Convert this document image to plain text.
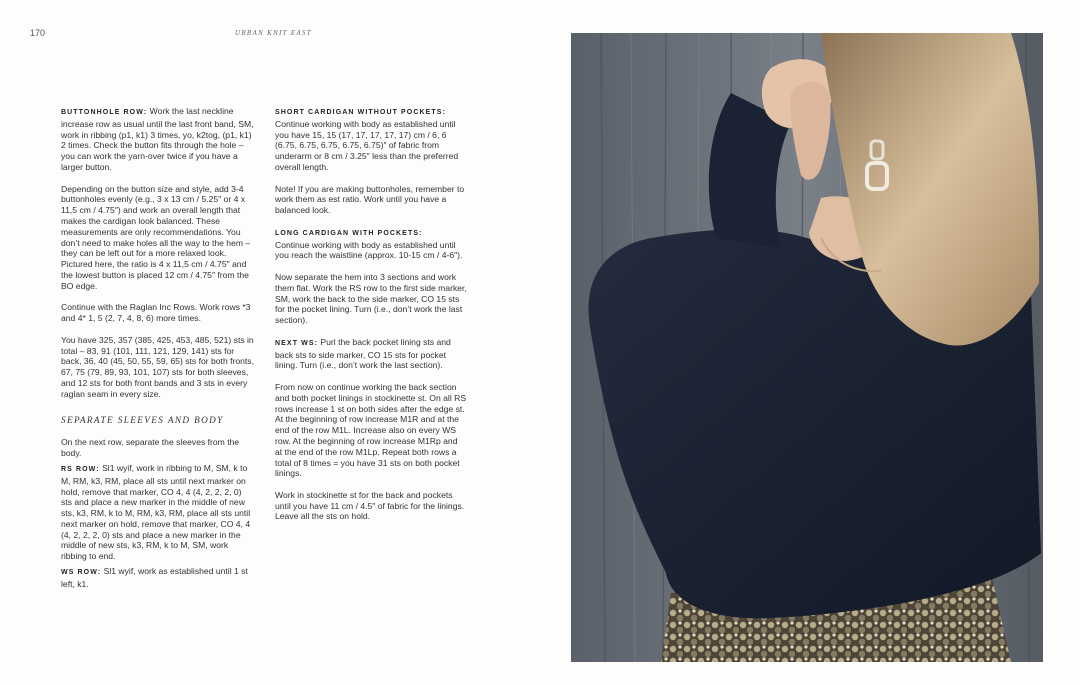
170	URBAN KNIT EAST

BUTTONHOLE ROW: Work the last neckline increase row as usual until the last front band, SM, work in ribbing (p1, k1) 3 times, yo, k2tog, (p1, k1) 2 times. Check the button fits through the hole – you can work the yarn-over twice if you have a larger button.

Depending on the button size and style, add 3-4 buttonholes evenly (e.g., 3 x 13 cm / 5.25″ or 4 x 11,5 cm / 4.75″) and work an overall length that makes the cardigan look balanced. These measurements are only recommendations. You don’t need to make holes all the way to the hem – they can be left out for a more relaxed look. Pictured here, the ratio is 4 x 11,5 cm / 4.75″ and the lowest button is placed 12 cm / 4.75″ from the BO edge.

Continue with the Raglan Inc Rows. Work rows *3 and 4* 1, 5 (2, 7, 4, 8, 6) more times.

You have 325, 357 (385, 425, 453, 485, 521) sts in total – 83, 91 (101, 111, 121, 129, 141) sts for back, 36, 40 (45, 50, 55, 59, 65) sts for both fronts, 67, 75 (79, 89, 93, 101, 107) sts for both sleeves, and 12 sts for both front bands and 3 sts in every raglan seam in every size.

SEPARATE SLEEVES AND BODY

On the next row, separate the sleeves from the body.

RS ROW: Sl1 wyif, work in ribbing to M, SM, k to M, RM, k3, RM, place all sts until next marker on hold, remove that marker, CO 4, 4 (4, 2, 2, 2, 0) sts and place a new marker in the middle of new sts, k3, RM, k to M, RM, k3, RM, place all sts until next marker on hold, remove that marker, CO 4, 4 (4, 2, 2, 2, 0) sts and place a new marker in the middle of new sts, k3, RM, k to M, SM, work ribbing to end.

WS ROW: Sl1 wyif, work as established until 1 st left, k1.

SHORT CARDIGAN WITHOUT POCKETS:
Continue working with body as established until you have 15, 15 (17, 17, 17, 17, 17) cm / 6, 6 (6.75, 6.75, 6.75, 6.75, 6.75)″ of fabric from underarm or 8 cm / 3.25″ less than the preferred overall length.

Note! If you are making buttonholes, remember to work them as est ratio. Work until you have a balanced look.

LONG CARDIGAN WITH POCKETS:
Continue working with body as established until you reach the waistline (approx. 10-15 cm / 4-6″).

Now separate the hem into 3 sections and work them flat. Work the RS row to the first side marker, SM, work the back to the side marker, CO 15 sts for the pocket lining. Turn (i.e., don’t work the last section).

NEXT WS: Purl the back pocket lining sts and back sts to side marker, CO 15 sts for pocket lining. Turn (i.e., don’t work the last section).

From now on continue working the back section and both pocket linings in stockinette st. On all RS rows increase 1 st on both sides after the edge st. At the beginning of row increase M1R and at the end of the row M1L. Increase also on every WS row. At the beginning of row increase M1Rp and at the end of the row M1Lp. Repeat both rows a total of 8 times = you have 31 sts on both pocket linings.

Work in stockinette st for the back and pockets until you have 11 cm / 4.5″ of fabric for the linings. Leave all the sts on hold.
